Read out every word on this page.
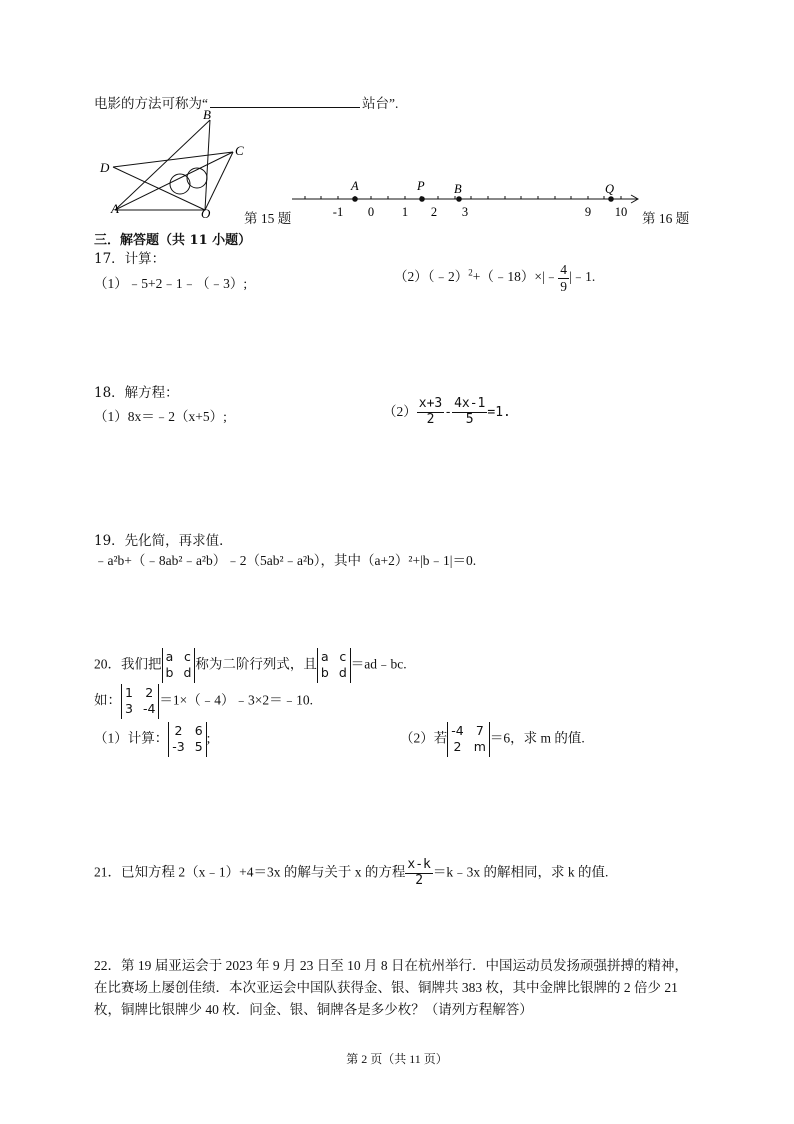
电影的方法可称为“	站台”.
B
C
D
A	O 第 15 题
A	P B	Q
-1 0 1 2 3	9 10 第 16 题
三．解答题（共 11 小题）
17．计算：
（1）﹣5+2﹣1﹣（﹣3）;	（2）（﹣2）$^2$+（﹣18）×|﹣ $\frac{4}{9}$ |﹣1.
18．解方程：
（1）8x＝﹣2（x+5）;	$(2) \frac{x+3}{2} - \frac{4x-1}{5} =1$.
19．先化简，再求值．
﹣a²b+（﹣8ab²﹣a²b）﹣2（5ab²﹣a²b），其中（a+2）²+|b﹣1|＝0.
20．我们把 a c
b d
称为二阶行列式，且 a c
b d
＝ad﹣bc.
如： 1 2
3 -4
＝1×（﹣4）﹣3×2＝﹣10.
（1）计算： 2 6
-3 5
;	（2）若 -4 7
2 m
＝6，求 m 的值.
21．已知方程 2（x﹣1）+4＝3x 的解与关于 x 的方程 $\frac{x-k}{2}$ ＝k﹣3x 的解相同，求 k 的值.
22．第 19 届亚运会于 2023 年 9 月 23 日至 10 月 8 日在杭州举行．中国运动员发扬顽强拼搏的精神，
在比赛场上屡创佳绩．本次亚运会中国队获得金、银、铜牌共 383 枚，其中金牌比银牌的 2 倍少 21
枚，铜牌比银牌少 40 枚．问金、银、铜牌各是多少枚？（请列方程解答）
第 2 页（共 11 页）
